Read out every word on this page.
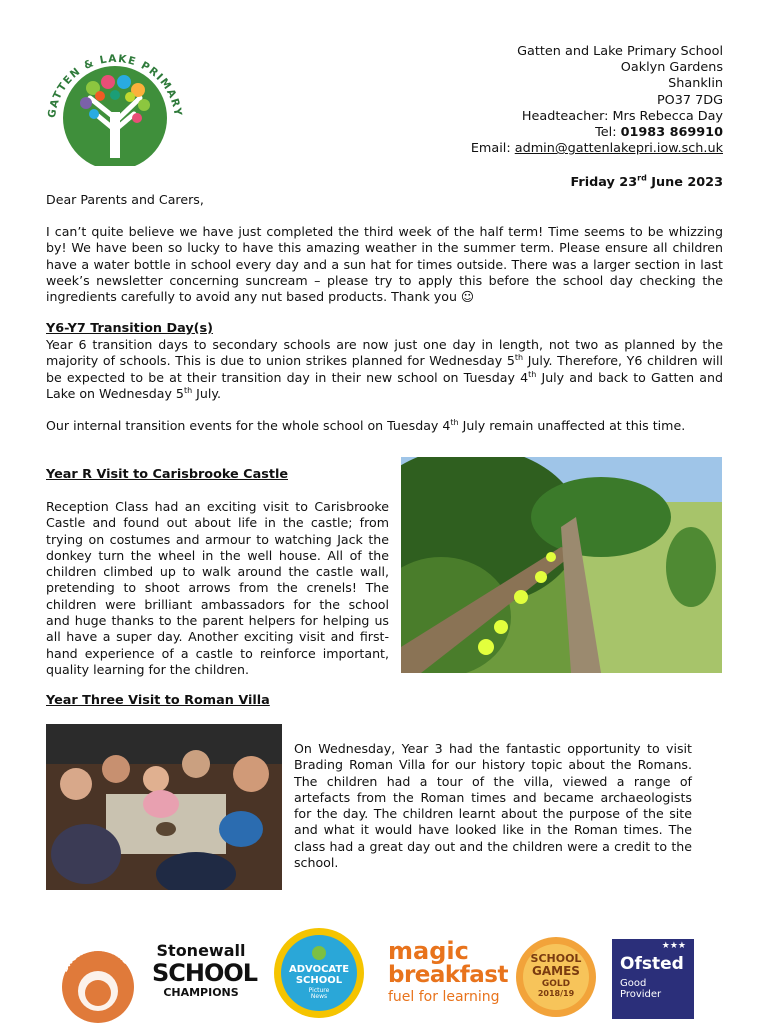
GATTEN & LAKE PRIMARY
Gatten and Lake Primary School
Oaklyn Gardens
Shanklin
PO37 7DG
Headteacher: Mrs Rebecca Day
Tel: 01983 869910
Email: admin@gattenlakepri.iow.sch.uk
Friday 23rd June 2023
Dear Parents and Carers,

I can’t quite believe we have just completed the third week of the half term! Time seems to be whizzing by! We have been so lucky to have this amazing weather in the summer term. Please ensure all children have a water bottle in school every day and a sun hat for times outside. There was a larger section in last week’s newsletter concerning suncream – please try to apply this before the school day checking the ingredients carefully to avoid any nut based products. Thank you ☺

Y6-Y7 Transition Day(s)

Year 6 transition days to secondary schools are now just one day in length, not two as planned by the majority of schools. This is due to union strikes planned for Wednesday 5th July. Therefore, Y6 children will be expected to be at their transition day in their new school on Tuesday 4th July and back to Gatten and Lake on Wednesday 5th July.

Our internal transition events for the whole school on Tuesday 4th July remain unaffected at this time.

Year R Visit to Carisbrooke Castle

Reception Class had an exciting visit to Carisbrooke Castle and found out about life in the castle; from trying on costumes and armour to watching Jack the donkey turn the wheel in the well house. All of the children climbed up to walk around the castle wall, pretending to shoot arrows from the crenels! The children were brilliant ambassadors for the school and huge thanks to the parent helpers for helping us all have a super day. Another exciting visit and first-hand experience of a castle to reinforce important, quality learning for the children.

Year Three Visit to Roman Villa

On Wednesday, Year 3 had the fantastic opportunity to visit Brading Roman Villa for our history topic about the Romans. The children had a tour of the villa, viewed a range of artefacts from the Roman times and became archaeologists for the day. The children learnt about the purpose of the site and what it would have looked like in the Roman times. The class had a great day out and the children were a credit to the school.

BRONZE AWARD
Stonewall
SCHOOL
CHAMPIONS
ADVOCATE
SCHOOL
Picture
News
magic
breakfast
fuel for learning
SCHOOL
GAMES
GOLD
2018/19
★★★
Ofsted
Good
Provider
